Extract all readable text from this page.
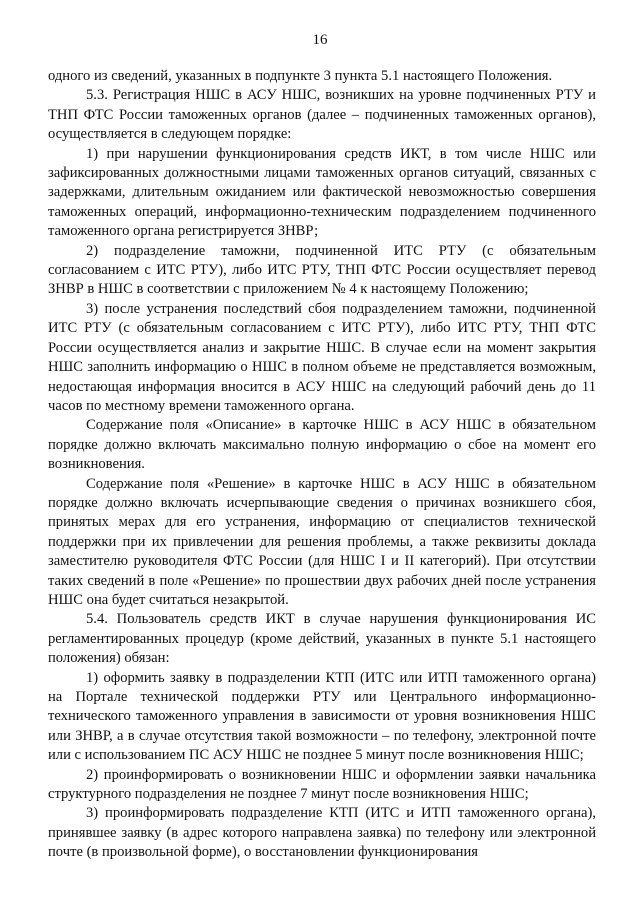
16

одного из сведений, указанных в подпункте 3 пункта 5.1 настоящего Положения.

5.3. Регистрация НШС в АСУ НШС, возникших на уровне подчиненных РТУ и ТНП ФТС России таможенных органов (далее – подчиненных таможенных органов), осуществляется в следующем порядке:

1) при нарушении функционирования средств ИКТ, в том числе НШС или зафиксированных должностными лицами таможенных органов ситуаций, связанных с задержками, длительным ожиданием или фактической невозможностью совершения таможенных операций, информационно-техническим подразделением подчиненного таможенного органа регистрируется ЗНВР;

2) подразделение таможни, подчиненной ИТС РТУ (с обязательным согласованием с ИТС РТУ), либо ИТС РТУ, ТНП ФТС России осуществляет перевод ЗНВР в НШС в соответствии с приложением № 4 к настоящему Положению;

3) после устранения последствий сбоя подразделением таможни, подчиненной ИТС РТУ (с обязательным согласованием с ИТС РТУ), либо ИТС РТУ, ТНП ФТС России осуществляется анализ и закрытие НШС. В случае если на момент закрытия НШС заполнить информацию о НШС в полном объеме не представляется возможным, недостающая информация вносится в АСУ НШС на следующий рабочий день до 11 часов по местному времени таможенного органа.

Содержание поля «Описание» в карточке НШС в АСУ НШС в обязательном порядке должно включать максимально полную информацию о сбое на момент его возникновения.

Содержание поля «Решение» в карточке НШС в АСУ НШС в обязательном порядке должно включать исчерпывающие сведения о причинах возникшего сбоя, принятых мерах для его устранения, информацию от специалистов технической поддержки при их привлечении для решения проблемы, а также реквизиты доклада заместителю руководителя ФТС России (для НШС I и II категорий). При отсутствии таких сведений в поле «Решение» по прошествии двух рабочих дней после устранения НШС она будет считаться незакрытой.

5.4. Пользователь средств ИКТ в случае нарушения функционирования ИС регламентированных процедур (кроме действий, указанных в пункте 5.1 настоящего положения) обязан:

1) оформить заявку в подразделении КТП (ИТС или ИТП таможенного органа) на Портале технической поддержки РТУ или Центрального информационно-технического таможенного управления в зависимости от уровня возникновения НШС или ЗНВР, а в случае отсутствия такой возможности – по телефону, электронной почте или с использованием ПС АСУ НШС не позднее 5 минут после возникновения НШС;

2) проинформировать о возникновении НШС и оформлении заявки начальника структурного подразделения не позднее 7 минут после возникновения НШС;

3) проинформировать подразделение КТП (ИТС и ИТП таможенного органа), принявшее заявку (в адрес которого направлена заявка) по телефону или электронной почте (в произвольной форме), о восстановлении функционирования
